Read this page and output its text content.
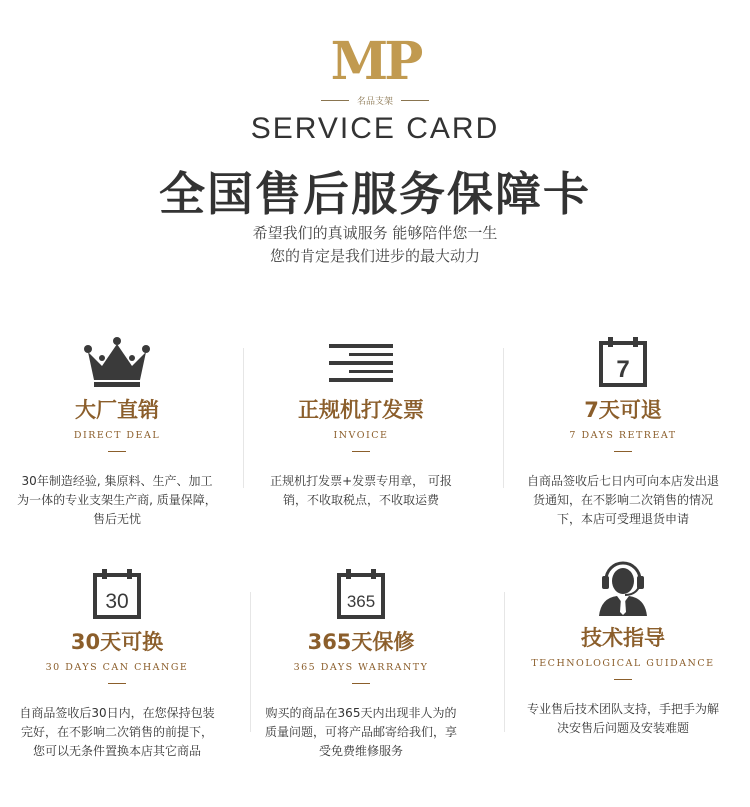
MP
名品支架
SERVICE CARD
全国售后服务保障卡
希望我们的真诚服务 能够陪伴您一生
您的肯定是我们进步的最大动力
大厂直销
DIRECT DEAL
30年制造经验, 集原料、生产、加工为一体的专业支架生产商, 质量保障，售后无忧
正规机打发票
INVOICE
正规机打发票+发票专用章， 可报销，不收取税点，不收取运费
7
7天可退
7 DAYS RETREAT
自商品签收后七日内可向本店发出退货通知，在不影响二次销售的情况下，本店可受理退货申请
30
30天可换
30 DAYS CAN CHANGE
自商品签收后30日内，在您保持包装完好，在不影响二次销售的前提下，您可以无条件置换本店其它商品
365
365天保修
365 DAYS WARRANTY
购买的商品在365天内出现非人为的质量问题，可将产品邮寄给我们，享受免费维修服务
技术指导
TECHNOLOGICAL GUIDANCE
专业售后技术团队支持，手把手为解决安售后问题及安装难题
